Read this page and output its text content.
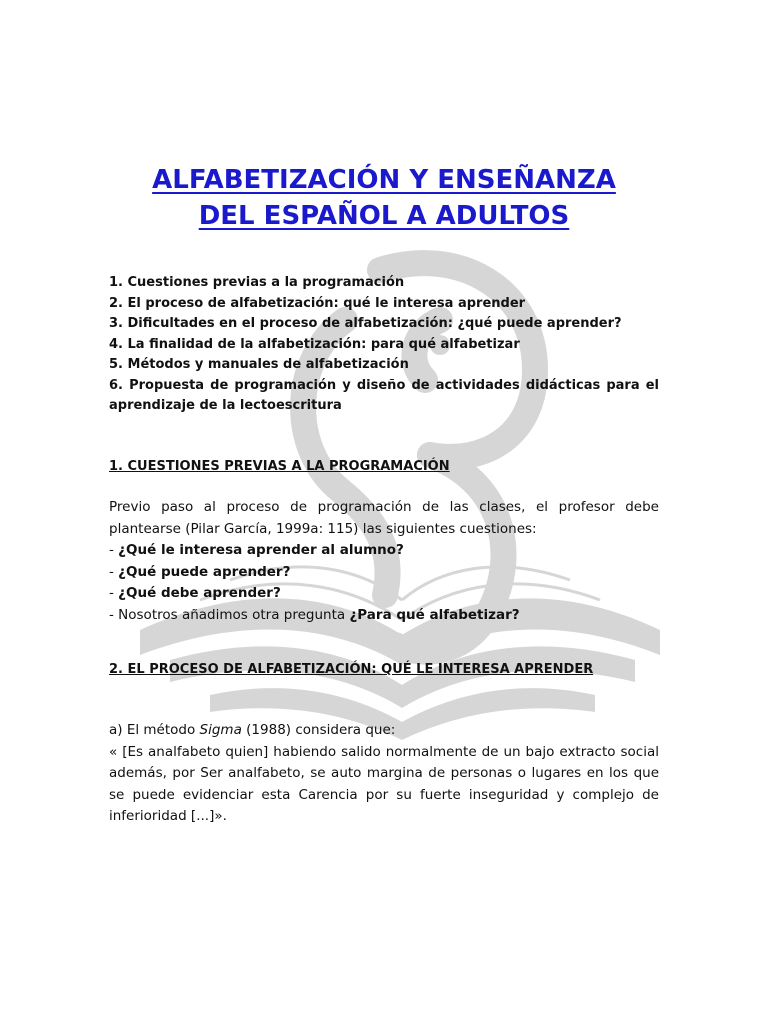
ALFABETIZACIÓN Y ENSEÑANZA
DEL ESPAÑOL A ADULTOS
1. Cuestiones previas a la programación
2. El proceso de alfabetización: qué le interesa aprender
3. Dificultades en el proceso de alfabetización: ¿qué puede aprender?
4. La finalidad de la alfabetización: para qué alfabetizar
5. Métodos y manuales de alfabetización
6. Propuesta de programación y diseño de actividades didácticas para el aprendizaje de la lectoescritura
1. CUESTIONES PREVIAS A LA PROGRAMACIÓN

Previo paso al proceso de programación de las clases, el profesor debe plantearse (Pilar García, 1999a: 115) las siguientes cuestiones:

- ¿Qué le interesa aprender al alumno?

- ¿Qué puede aprender?

- ¿Qué debe aprender?

- Nosotros añadimos otra pregunta ¿Para qué alfabetizar?

2. EL PROCESO DE ALFABETIZACIÓN: QUÉ LE INTERESA APRENDER

a) El método Sigma (1988) considera que:

« [Es analfabeto quien] habiendo salido normalmente de un bajo extracto social además, por Ser analfabeto, se auto margina de personas o lugares en los que se puede evidenciar esta Carencia por su fuerte inseguridad y complejo de inferioridad [...]».
